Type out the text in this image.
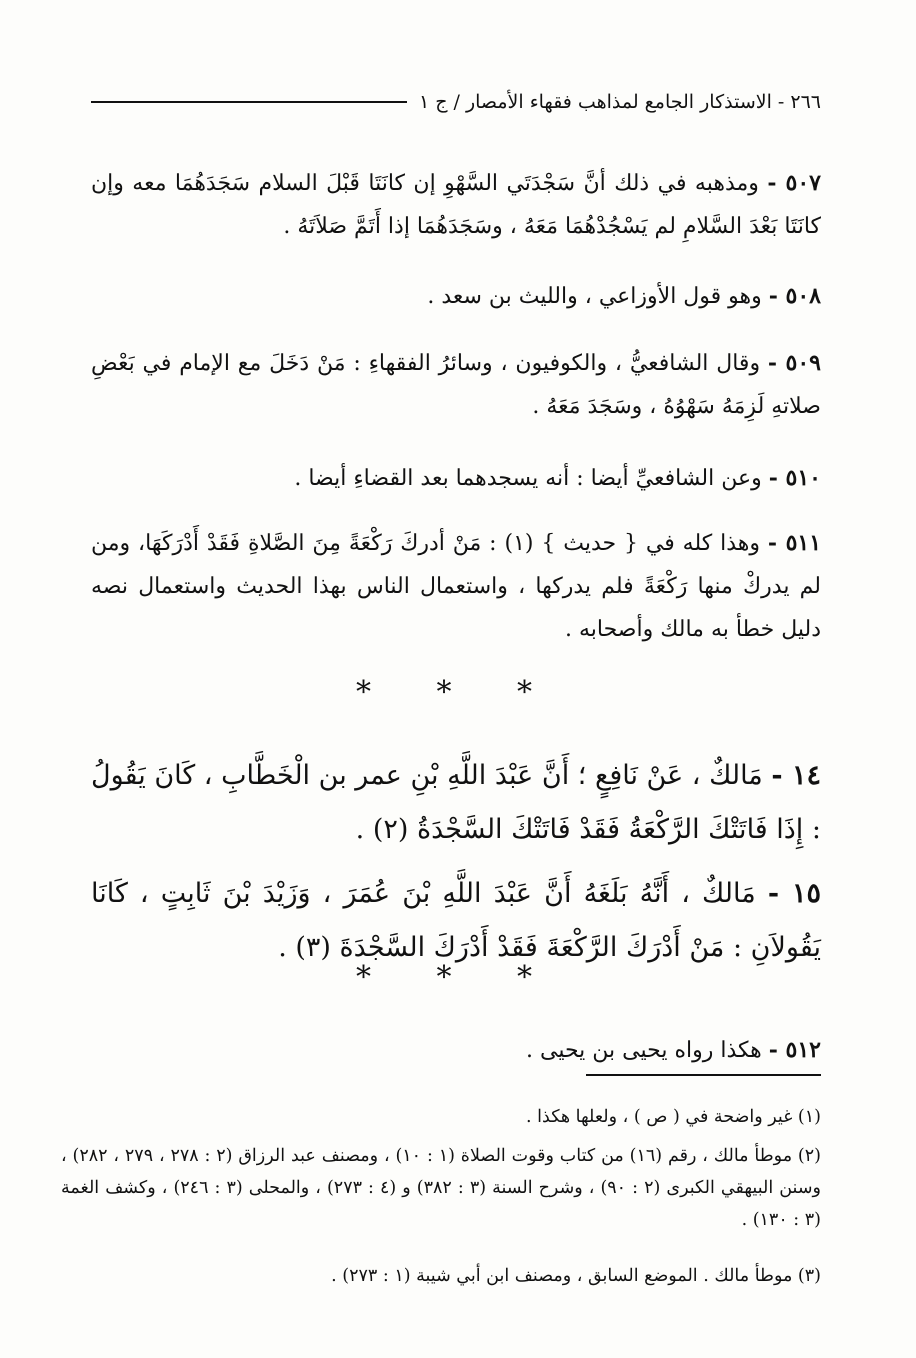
٢٦٦ - الاستذكار الجامع لمذاهب فقهاء الأمصار / ج ١

٥٠٧ - ومذهبه في ذلك أنَّ سَجْدَتَي السَّهْوِ إن كانَتَا قَبْلَ السلام سَجَدَهُمَا معه وإن كانَتَا بَعْدَ السَّلامِ لم يَسْجُدْهُمَا مَعَهُ ، وسَجَدَهُمَا إذا أَتَمَّ صَلاَتَهُ .

٥٠٨ - وهو قول الأوزاعي ، والليث بن سعد .

٥٠٩ - وقال الشافعيُّ ، والكوفيون ، وسائرُ الفقهاءِ : مَنْ دَخَلَ مع الإمام في بَعْضِ صلاتهِ لَزِمَهُ سَهْوُهُ ، وسَجَدَ مَعَهُ .

٥١٠ - وعن الشافعيِّ أيضا : أنه يسجدهما بعد القضاءِ أيضا .

٥١١ - وهذا كله في { حديث } (١) : مَنْ أدركَ رَكْعَةً مِنَ الصَّلاةِ فَقَدْ أَدْرَكَهَا، ومن لم يدركْ منها رَكْعَةً فلم يدركها ، واستعمال الناس بهذا الحديث واستعمال نصه دليل خطأ به مالك وأصحابه .

* * *

١٤ - مَالكٌ ، عَنْ نَافِعٍ ؛ أَنَّ عَبْدَ اللَّهِ بْنِ عمر بن الْخَطَّابِ ، كَانَ يَقُولُ : إِذَا فَاتَتْكَ الرَّكْعَةُ فَقَدْ فَاتَتْكَ السَّجْدَةُ (٢) .

١٥ - مَالكٌ ، أَنَّهُ بَلَغَهُ أَنَّ عَبْدَ اللَّهِ بْنَ عُمَرَ ، وَزَيْدَ بْنَ ثَابِتٍ ، كَانَا يَقُولاَنِ : مَنْ أَدْرَكَ الرَّكْعَةَ فَقَدْ أَدْرَكَ السَّجْدَةَ (٣) .

* * *

٥١٢ - هكذا رواه يحيى بن يحيى .

(١) غير واضحة في ( ص ) ، ولعلها هكذا .

(٢) موطأ مالك ، رقم (١٦) من كتاب وقوت الصلاة (١ : ١٠) ، ومصنف عبد الرزاق (٢ : ٢٧٨ ، ٢٧٩ ، ٢٨٢) ، وسنن البيهقي الكبرى (٢ : ٩٠) ، وشرح السنة (٣ : ٣٨٢) و (٤ : ٢٧٣) ، والمحلى (٣ : ٢٤٦) ، وكشف الغمة (٣ : ١٣٠) .

(٣) موطأ مالك . الموضع السابق ، ومصنف ابن أبي شيبة (١ : ٢٧٣) .
